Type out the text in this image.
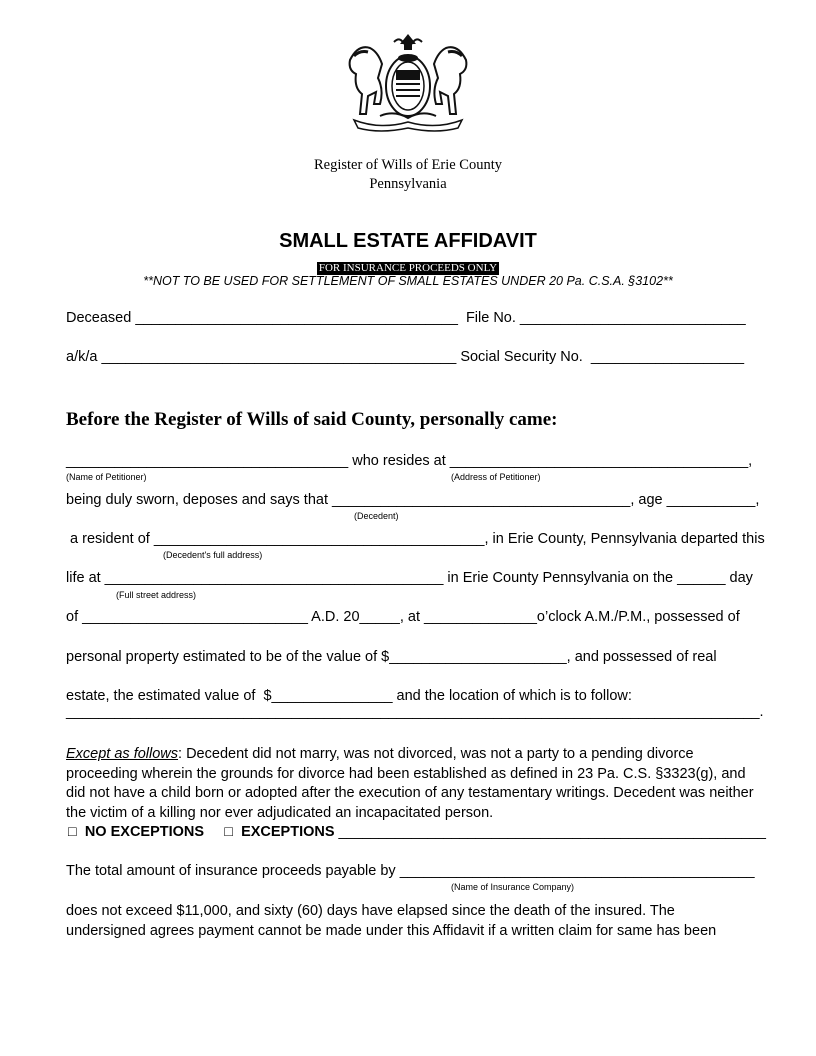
Register of Wills of Erie County
Pennsylvania
SMALL ESTATE AFFIDAVIT
FOR INSURANCE PROCEEDS ONLY
**NOT TO BE USED FOR SETTLEMENT OF SMALL ESTATES UNDER 20 Pa. C.S.A. §3102**
Deceased ________________________________________  File No. ____________________________
a/k/a ____________________________________________ Social Security No.  ___________________
Before the Register of Wills of said County, personally came:
___________________________________ who resides at _____________________________________,
(Name of Petitioner)	(Address of Petitioner)
being duly sworn, deposes and says that _____________________________________, age ___________,
(Decedent)
a resident of _________________________________________, in Erie County, Pennsylvania departed this
(Decedent's full address)
life at __________________________________________ in Erie County Pennsylvania on the ______ day
(Full street address)
of ____________________________ A.D. 20_____, at ______________o’clock A.M./P.M., possessed of
personal property estimated to be of the value of $______________________, and possessed of real
estate, the estimated value of  $_______________ and the location of which is to follow:
______________________________________________________________________________________.
Except as follows: Decedent did not marry, was not divorced, was not a party to a pending divorce proceeding wherein the grounds for divorce had been established as defined in 23 Pa. C.S. §3323(g), and did not have a child born or adopted after the execution of any testamentary writings. Decedent was neither the victim of a killing nor ever adjudicated an incapacitated person.
□ NO EXCEPTIONS □ EXCEPTIONS _____________________________________________________
The total amount of insurance proceeds payable by ____________________________________________
(Name of Insurance Company)
does not exceed $11,000, and sixty (60) days have elapsed since the death of the insured. The undersigned agrees payment cannot be made under this Affidavit if a written claim for same has been
